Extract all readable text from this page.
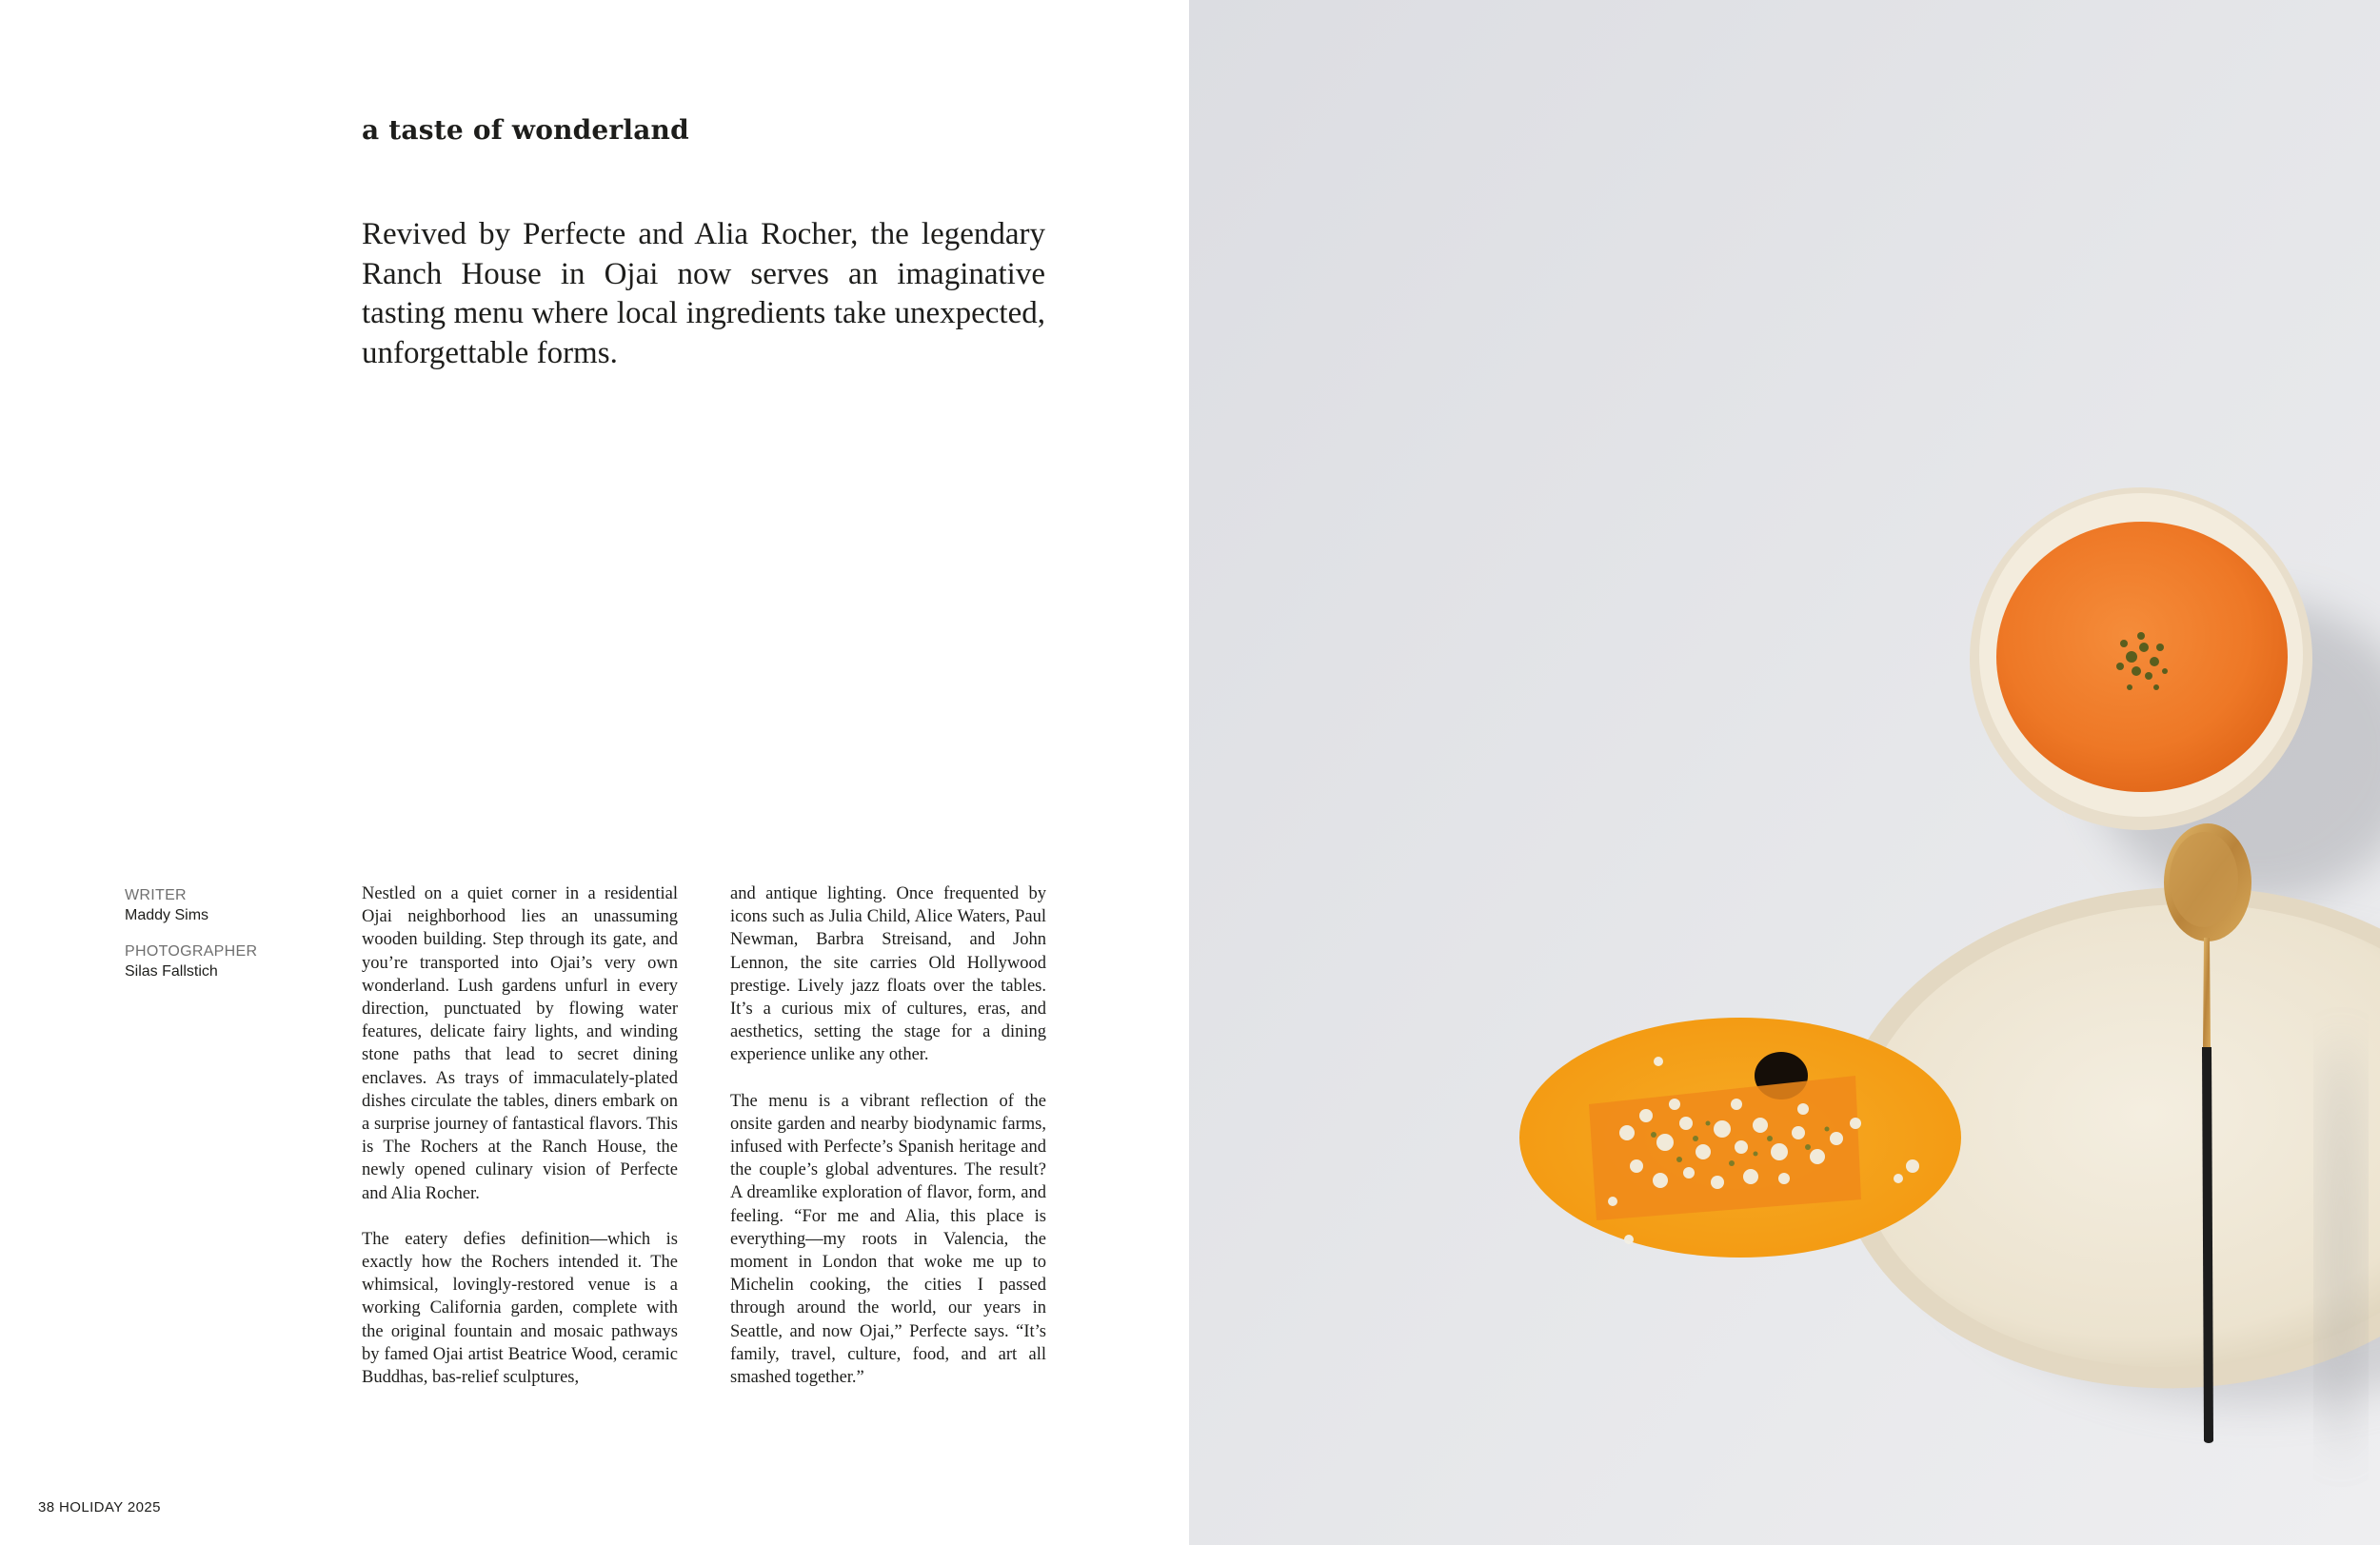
a taste of wonderland

Revived by Perfecte and Alia Rocher, the legendary Ranch House in Ojai now serves an imaginative tasting menu where local ingredients take unexpected, unforgettable forms.

WRITER
Maddy Sims
PHOTOGRAPHER
Silas Fallstich

Nestled on a quiet corner in a residential Ojai neighborhood lies an unassuming wooden building. Step through its gate, and you’re transported into Ojai’s very own wonderland. Lush gardens unfurl in every direction, punctuated by flowing water features, delicate fairy lights, and winding stone paths that lead to secret dining enclaves. As trays of immaculately-plated dishes circulate the tables, diners embark on a surprise journey of fantastical flavors. This is The Rochers at the Ranch House, the newly opened culinary vision of Perfecte and Alia Rocher.

The eatery defies definition—which is exactly how the Rochers intended it. The whimsical, lovingly-restored venue is a working California garden, complete with the original fountain and mosaic pathways by famed Ojai artist Beatrice Wood, ceramic Buddhas, bas-relief sculptures,

and antique lighting. Once frequented by icons such as Julia Child, Alice Waters, Paul Newman, Barbra Streisand, and John Lennon, the site carries Old Hollywood prestige. Lively jazz floats over the tables. It’s a curious mix of cultures, eras, and aesthetics, setting the stage for a dining experience unlike any other.

The menu is a vibrant reflection of the onsite garden and nearby biodynamic farms, infused with Perfecte’s Spanish heritage and the couple’s global adventures. The result? A dreamlike exploration of flavor, form, and feeling. “For me and Alia, this place is everything—my roots in Valencia, the moment in London that woke me up to Michelin cooking, the cities I passed through around the world, our years in Seattle, and now Ojai,” Perfecte says. “It’s family, travel, culture, food, and art all smashed together.”

38 HOLIDAY 2025
